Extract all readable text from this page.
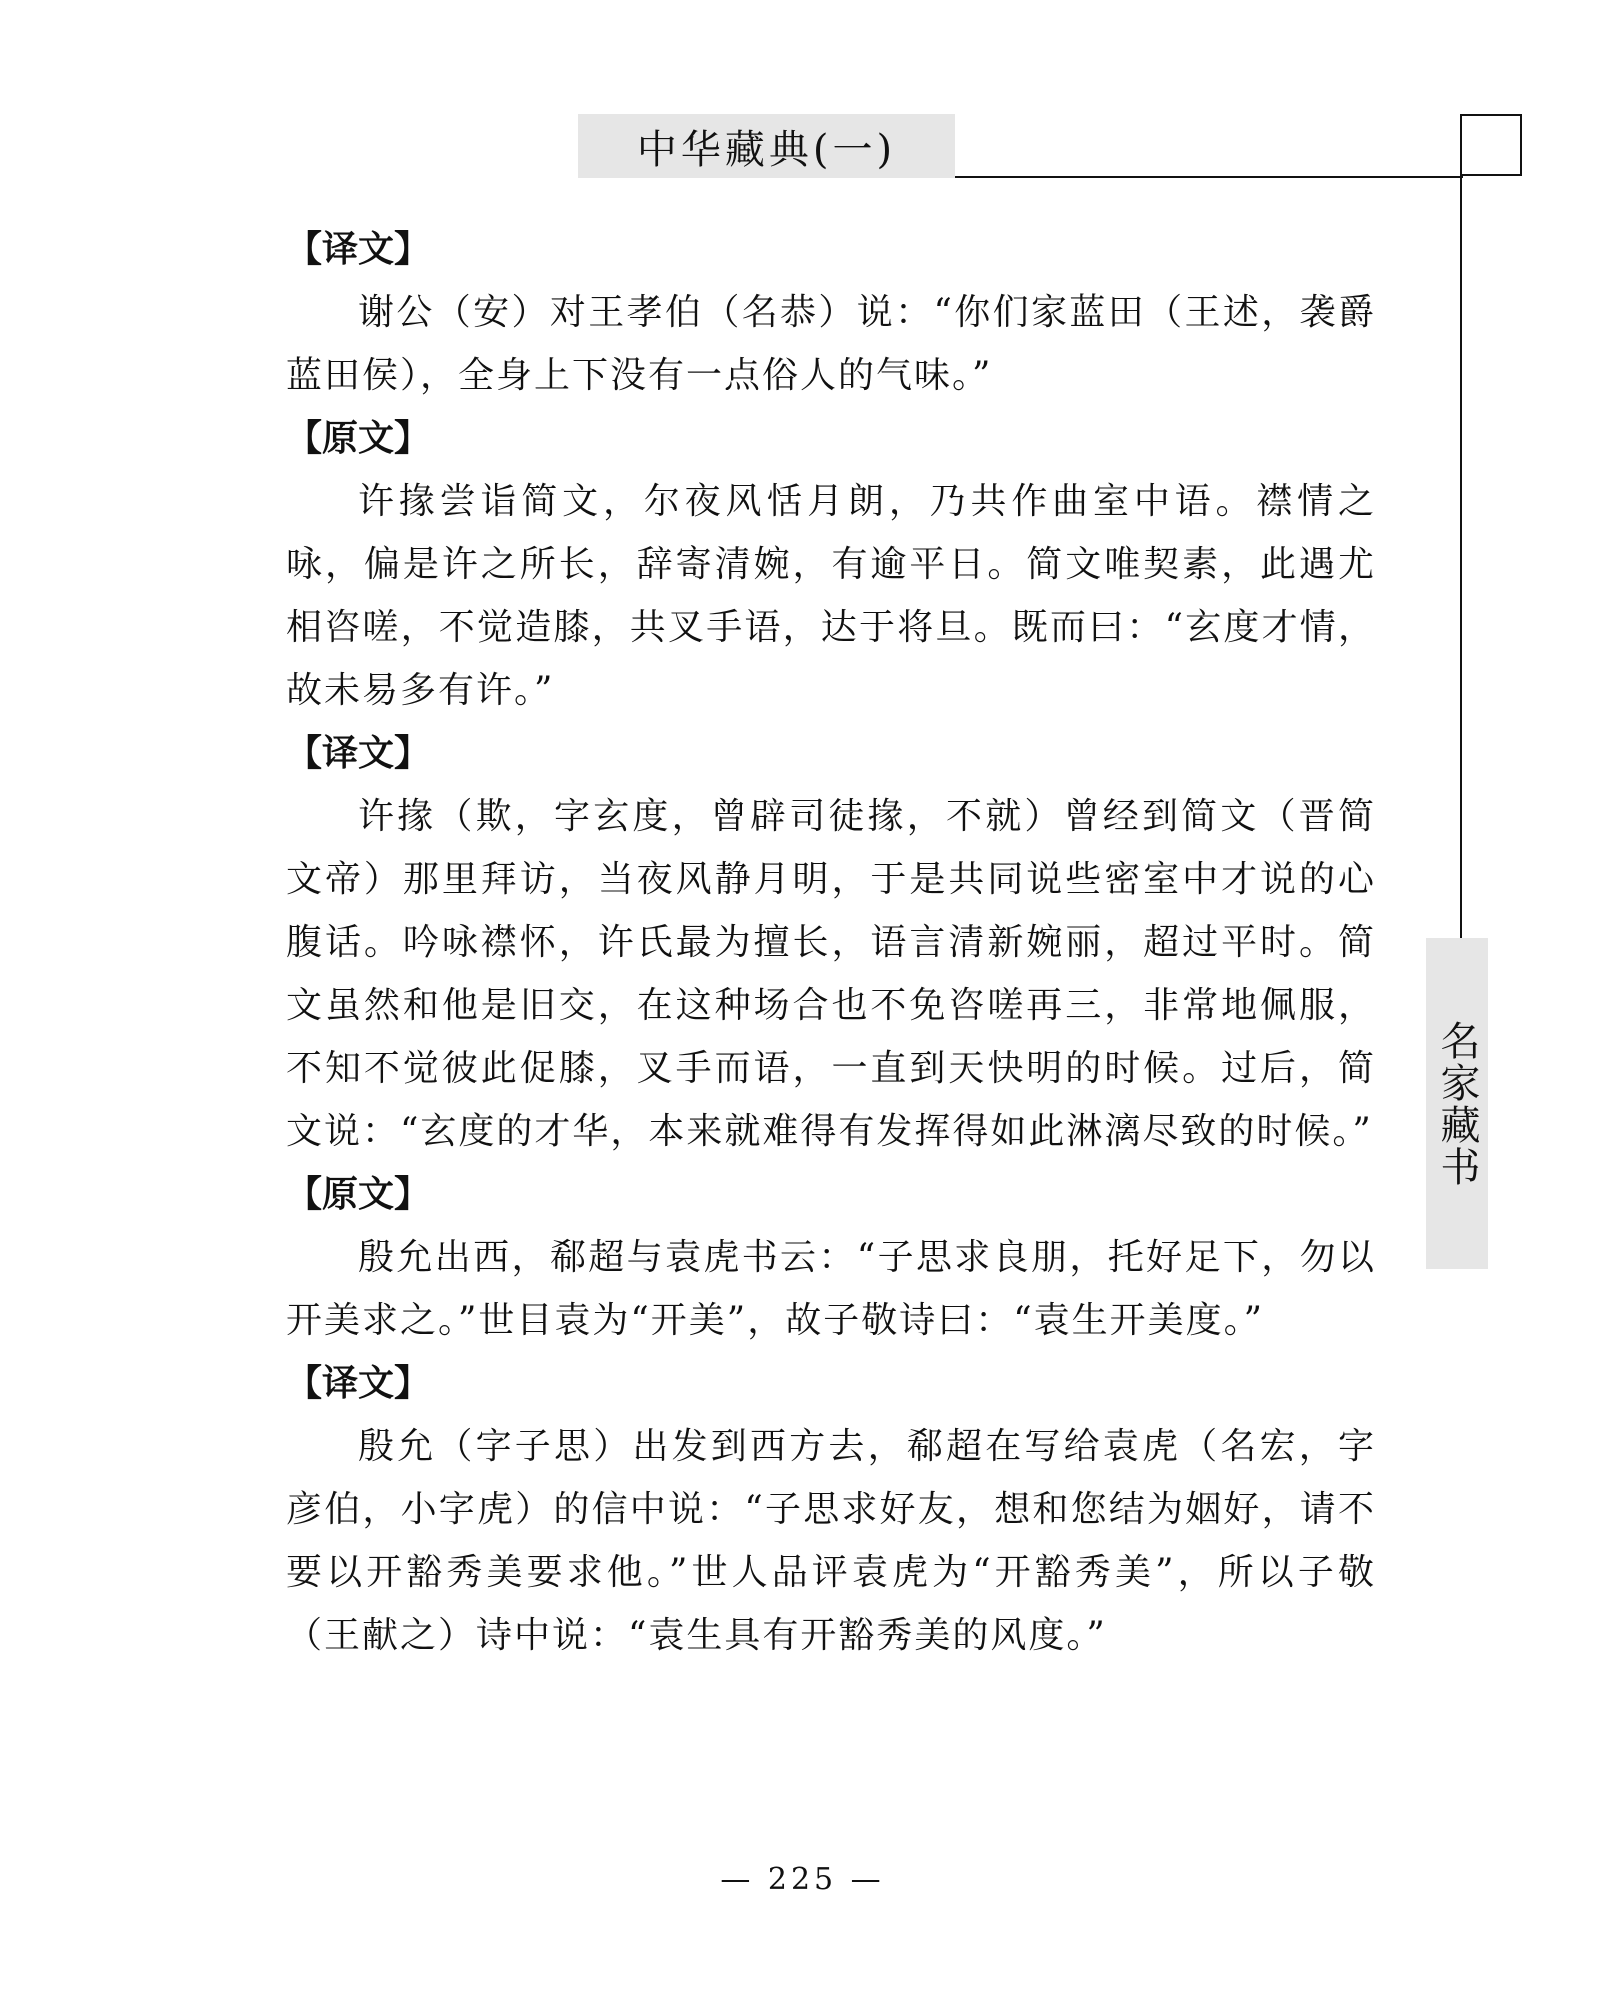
中华藏典(一)
名家藏书
【译文】

谢公（安）对王孝伯（名恭）说：“你们家蓝田（王述，袭爵蓝田侯），全身上下没有一点俗人的气味。”

【原文】

许掾尝诣简文，尔夜风恬月朗，乃共作曲室中语。襟情之咏，偏是许之所长，辞寄清婉，有逾平日。简文唯契素，此遇尤相咨嗟，不觉造膝，共叉手语，达于将旦。既而曰：“玄度才情，故未易多有许。”

【译文】

许掾（欺，字玄度，曾辟司徒掾，不就）曾经到简文（晋简文帝）那里拜访，当夜风静月明，于是共同说些密室中才说的心腹话。吟咏襟怀，许氏最为擅长，语言清新婉丽，超过平时。简文虽然和他是旧交，在这种场合也不免咨嗟再三，非常地佩服，不知不觉彼此促膝，叉手而语，一直到天快明的时候。过后，简文说：“玄度的才华，本来就难得有发挥得如此淋漓尽致的时候。”

【原文】

殷允出西，郗超与袁虎书云：“子思求良朋，托好足下，勿以开美求之。”世目袁为“开美”，故子敬诗曰：“袁生开美度。”

【译文】

殷允（字子思）出发到西方去，郗超在写给袁虎（名宏，字彦伯，小字虎）的信中说：“子思求好友，想和您结为姻好，请不要以开豁秀美要求他。”世人品评袁虎为“开豁秀美”，所以子敬（王献之）诗中说：“袁生具有开豁秀美的风度。”

— 225 —
